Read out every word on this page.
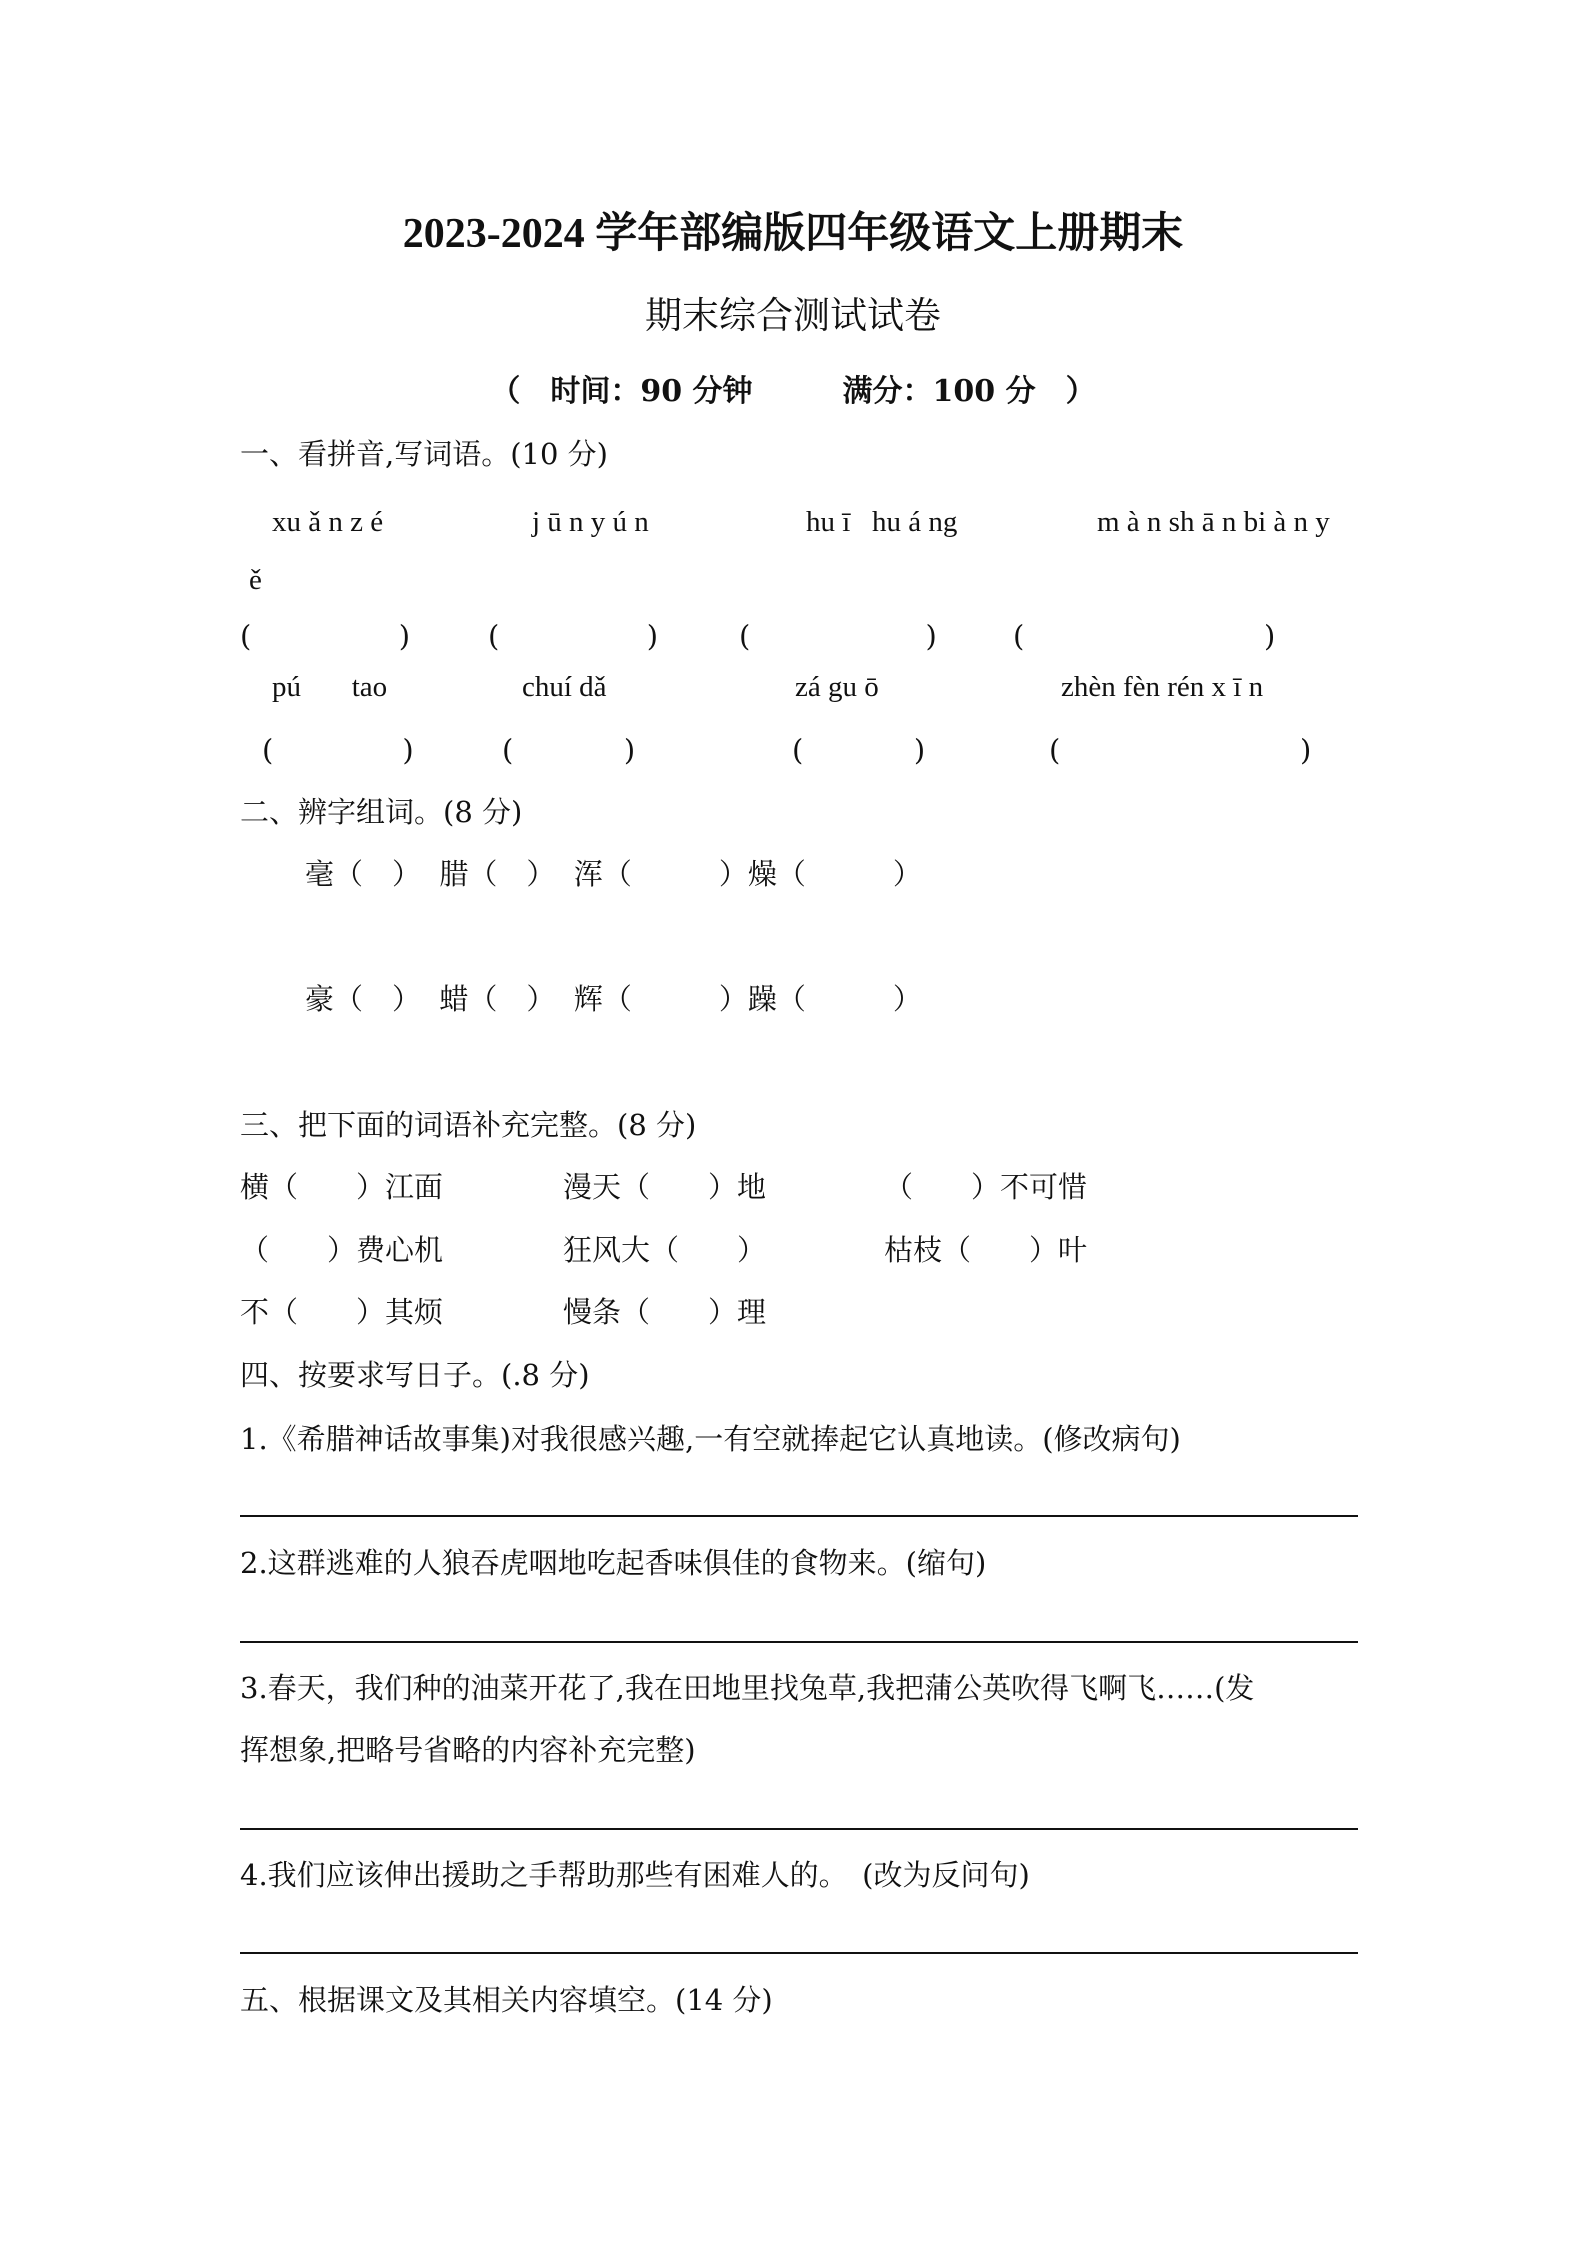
2023-2024 学年部编版四年级语文上册期末
期末综合测试试卷
（　时间：90 分钟　　　满分：100 分　）
一、看拼音,写词语。(10 分)
xu ǎ n z é	j ū n y ú n	hu ī   hu á ng	m à n sh ā n bi à n y
ě
(                )	(                )	(                   )	(                          )
pú       tao	chuí dǎ	zá gu ō	zhèn fèn rén x ī n
(              )	(            )	(            )	(                          )
二、辨字组词。(8 分)
毫（　）  腊（　）  浑（　　　）燥（　　　）
豪（　）  蜡（　）  辉（　　　）躁（　　　）
三、把下面的词语补充完整。(8 分)
横（　　）江面	漫天（　　）地	（　　）不可惜
（　　）费心机	狂风大（　　）	枯枝（　　）叶
不（　　）其烦	慢条（　　）理
四、按要求写日子。(.8 分)
1.《希腊神话故事集)对我很感兴趣,一有空就捧起它认真地读。(修改病句)
2.这群逃难的人狼吞虎咽地吃起香味俱佳的食物来。(缩句)
3.春天，我们种的油菜开花了,我在田地里找兔草,我把蒲公英吹得飞啊飞……(发
挥想象,把略号省略的内容补充完整)
4.我们应该伸出援助之手帮助那些有困难人的。　(改为反问句)
五、根据课文及其相关内容填空。(14 分)
